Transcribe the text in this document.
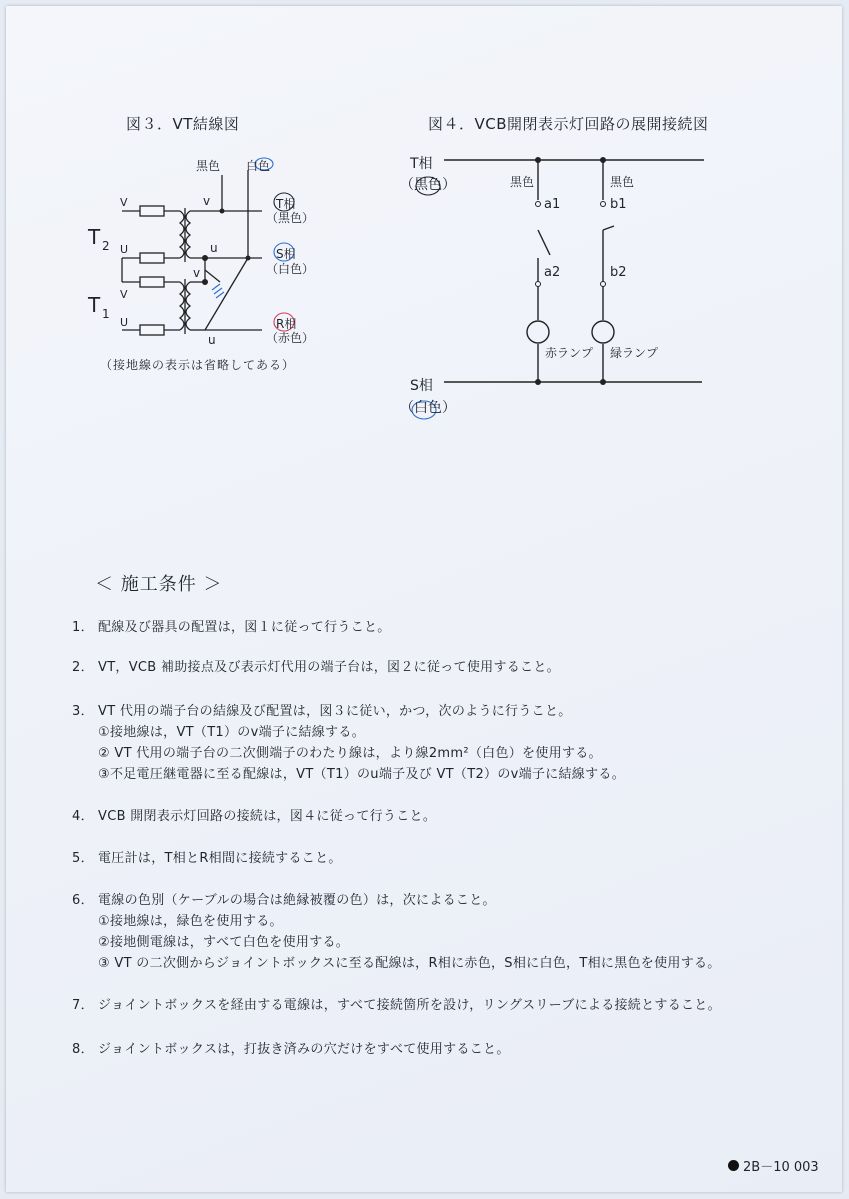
図３．VT結線図	図４．VCB開閉表示灯回路の展開接続図
黒色 白色
T 2
T 1
V
U
V
U
v
u
v
u
T相
（黒色）
S相
（白色）
R相
（赤色）
（接地線の表示は省略してある）
T相
（黒色）
S相
（白色）
黒色	黒色
a1
a2
b1
b2
赤ランプ 緑ランプ
＜ 施工条件 ＞
1． 配線及び器具の配置は，図１に従って行うこと。
2． VT，VCB 補助接点及び表示灯代用の端子台は，図２に従って使用すること。
3． VT 代用の端子台の結線及び配置は，図３に従い，かつ，次のように行うこと。
①接地線は，VT（T1）のv端子に結線する。
② VT 代用の端子台の二次側端子のわたり線は，より線2mm²（白色）を使用する。
③不足電圧継電器に至る配線は，VT（T1）のu端子及び VT（T2）のv端子に結線する。
4． VCB 開閉表示灯回路の接続は，図４に従って行うこと。
5． 電圧計は，T相とR相間に接続すること。
6． 電線の色別（ケーブルの場合は絶縁被覆の色）は，次によること。
①接地線は，緑色を使用する。
②接地側電線は，すべて白色を使用する。
③ VT の二次側からジョイントボックスに至る配線は，R相に赤色，S相に白色，T相に黒色を使用する。
7． ジョイントボックスを経由する電線は，すべて接続箇所を設け，リングスリーブによる接続とすること。
8． ジョイントボックスは，打抜き済みの穴だけをすべて使用すること。
2B－10 003
